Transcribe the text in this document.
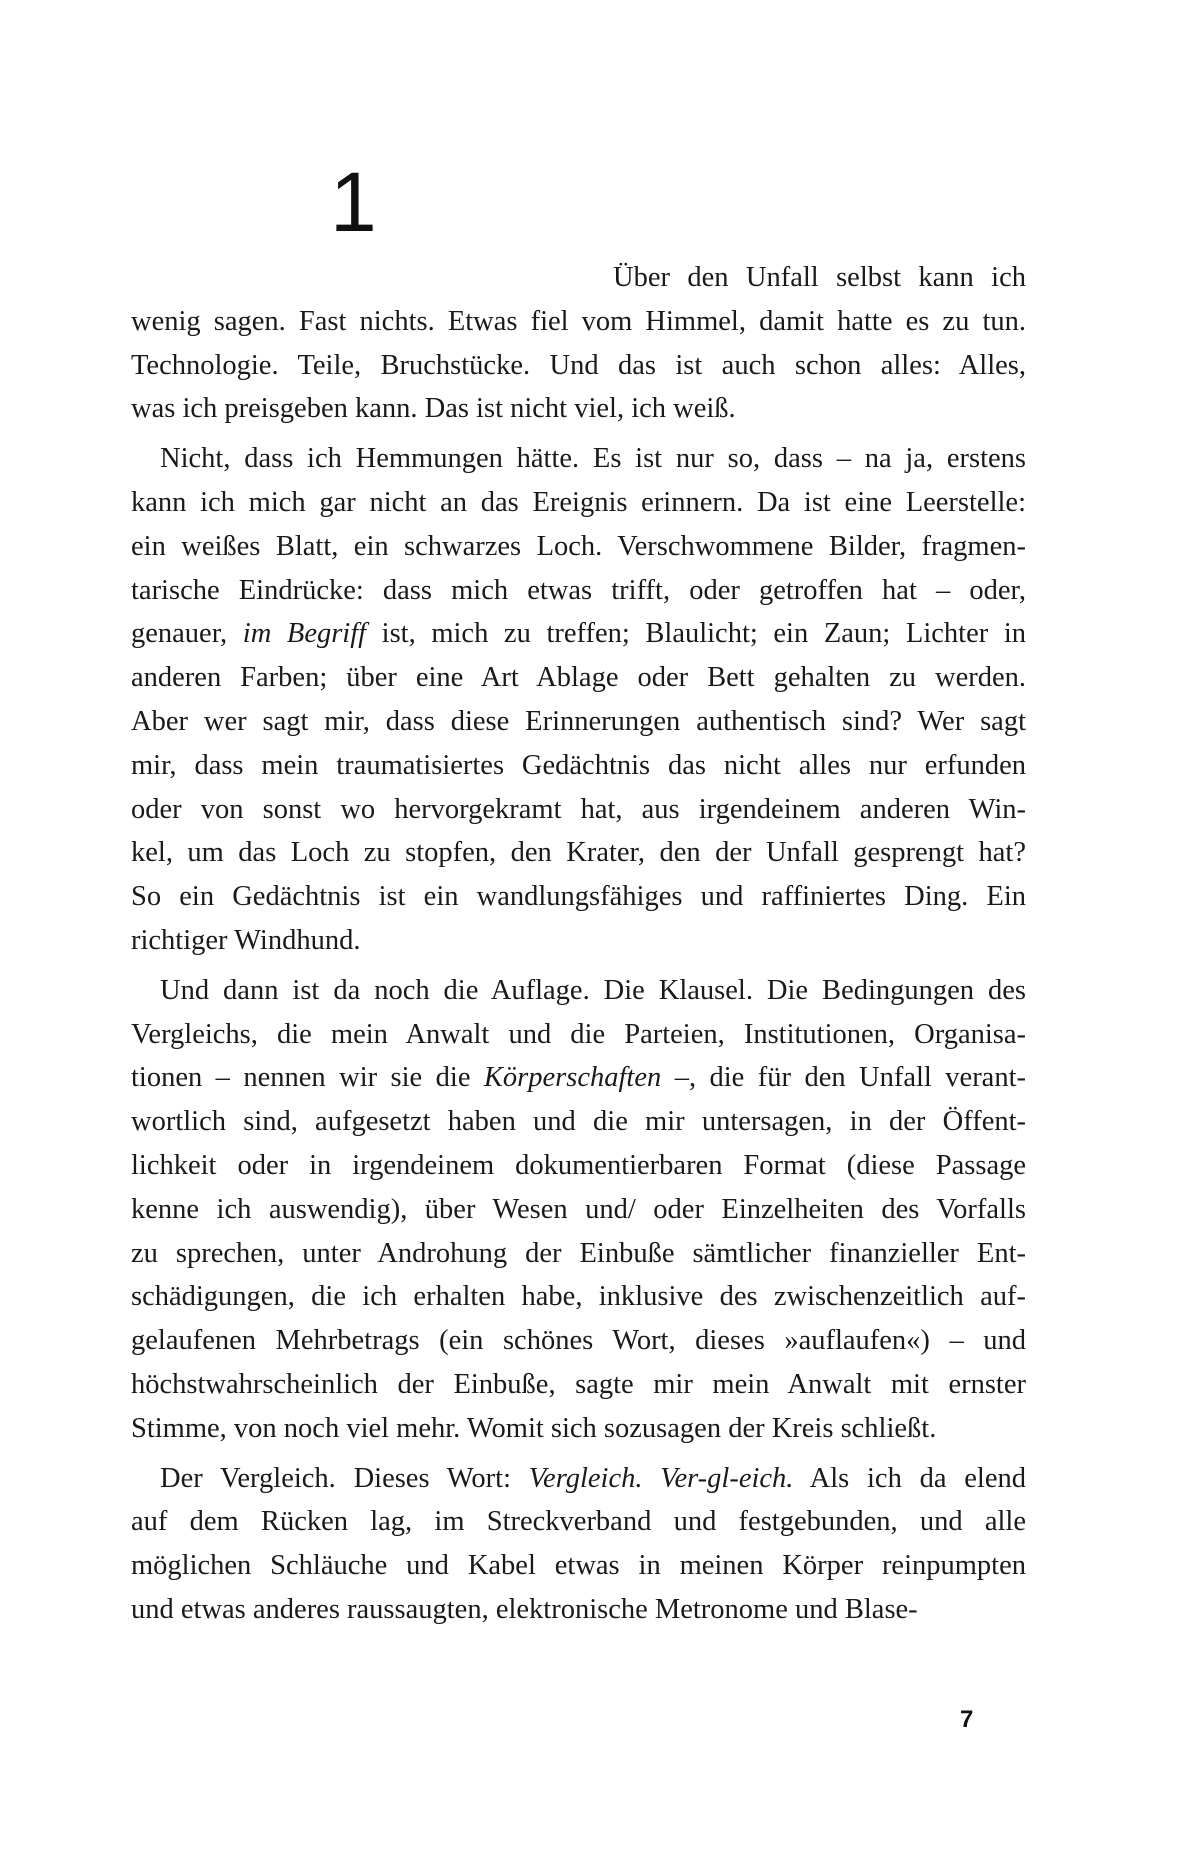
1
Über den Unfall selbst kann ich
wenig sagen. Fast nichts. Etwas fiel vom Himmel, damit hatte es zu tun.
Technologie. Teile, Bruchstücke. Und das ist auch schon alles: Alles,
was ich preisgeben kann. Das ist nicht viel, ich weiß.
Nicht, dass ich Hemmungen hätte. Es ist nur so, dass – na ja, erstens
kann ich mich gar nicht an das Ereignis erinnern. Da ist eine Leerstelle:
ein weißes Blatt, ein schwarzes Loch. Verschwommene Bilder, fragmen-
tarische Eindrücke: dass mich etwas trifft, oder getroffen hat – oder,
genauer, im Begriff ist, mich zu treffen; Blaulicht; ein Zaun; Lichter in
anderen Farben; über eine Art Ablage oder Bett gehalten zu werden.
Aber wer sagt mir, dass diese Erinnerungen authentisch sind? Wer sagt
mir, dass mein traumatisiertes Gedächtnis das nicht alles nur erfunden
oder von sonst wo hervorgekramt hat, aus irgendeinem anderen Win-
kel, um das Loch zu stopfen, den Krater, den der Unfall gesprengt hat?
So ein Gedächtnis ist ein wandlungsfähiges und raffiniertes Ding. Ein
richtiger Windhund.
Und dann ist da noch die Auflage. Die Klausel. Die Bedingungen des
Vergleichs, die mein Anwalt und die Parteien, Institutionen, Organisa-
tionen – nennen wir sie die Körperschaften –, die für den Unfall verant-
wortlich sind, aufgesetzt haben und die mir untersagen, in der Öffent-
lichkeit oder in irgendeinem dokumentierbaren Format (diese Passage
kenne ich auswendig), über Wesen und/ oder Einzelheiten des Vorfalls
zu sprechen, unter Androhung der Einbuße sämtlicher finanzieller Ent-
schädigungen, die ich erhalten habe, inklusive des zwischenzeitlich auf-
gelaufenen Mehrbetrags (ein schönes Wort, dieses »auflaufen«) – und
höchstwahrscheinlich der Einbuße, sagte mir mein Anwalt mit ernster
Stimme, von noch viel mehr. Womit sich sozusagen der Kreis schließt.
Der Vergleich. Dieses Wort: Vergleich. Ver-gl-eich. Als ich da elend
auf dem Rücken lag, im Streckverband und festgebunden, und alle
möglichen Schläuche und Kabel etwas in meinen Körper reinpumpten
und etwas anderes raussaugten, elektronische Metronome und Blase-
7
